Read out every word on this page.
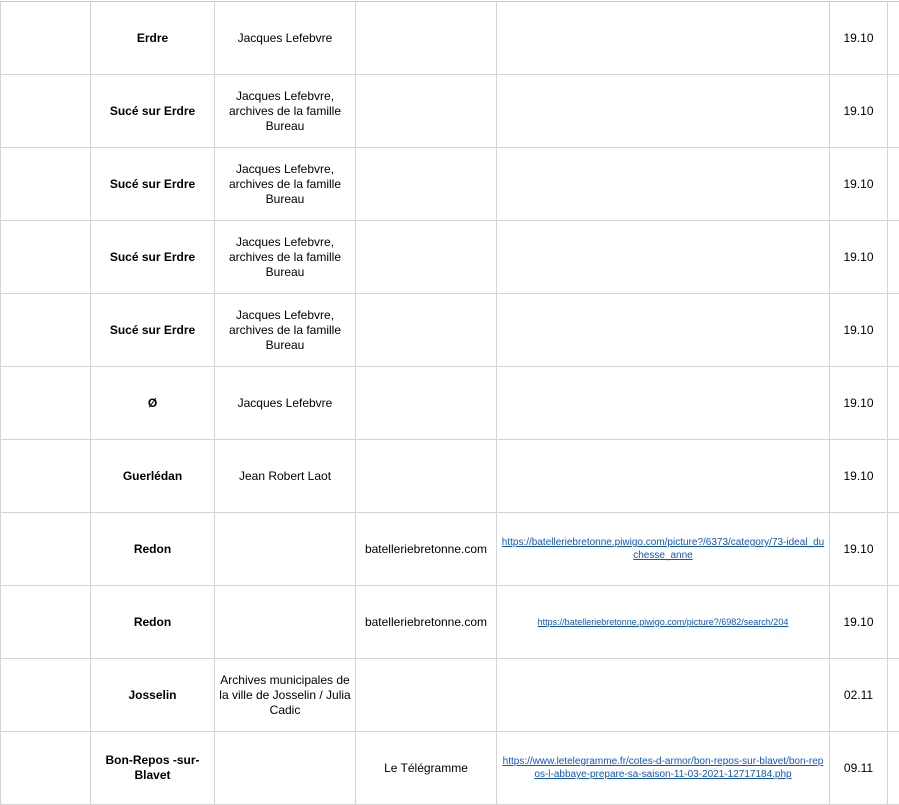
	Erdre	Jacques Lefebvre			19.10	
	Sucé sur Erdre	Jacques Lefebvre, archives de la famille Bureau			19.10	
	Sucé sur Erdre	Jacques Lefebvre, archives de la famille Bureau			19.10	
	Sucé sur Erdre	Jacques Lefebvre, archives de la famille Bureau			19.10	
	Sucé sur Erdre	Jacques Lefebvre, archives de la famille Bureau			19.10	
	Ø	Jacques Lefebvre			19.10	
	Guerlédan	Jean Robert Laot			19.10	
	Redon		batelleriebretonne.com	https://batelleriebretonne.piwigo.com/picture?/6373/category/73-ideal_duchesse_anne	19.10	
	Redon		batelleriebretonne.com	https://batelleriebretonne.piwigo.com/picture?/6982/search/204	19.10	
	Josselin	Archives municipales de la ville de Josselin / Julia Cadic			02.11	
	Bon-Repos -sur-Blavet		Le Télégramme	https://www.letelegramme.fr/cotes-d-armor/bon-repos-sur-blavet/bon-repos-l-abbaye-prepare-sa-saison-11-03-2021-12717184.php	09.11	
